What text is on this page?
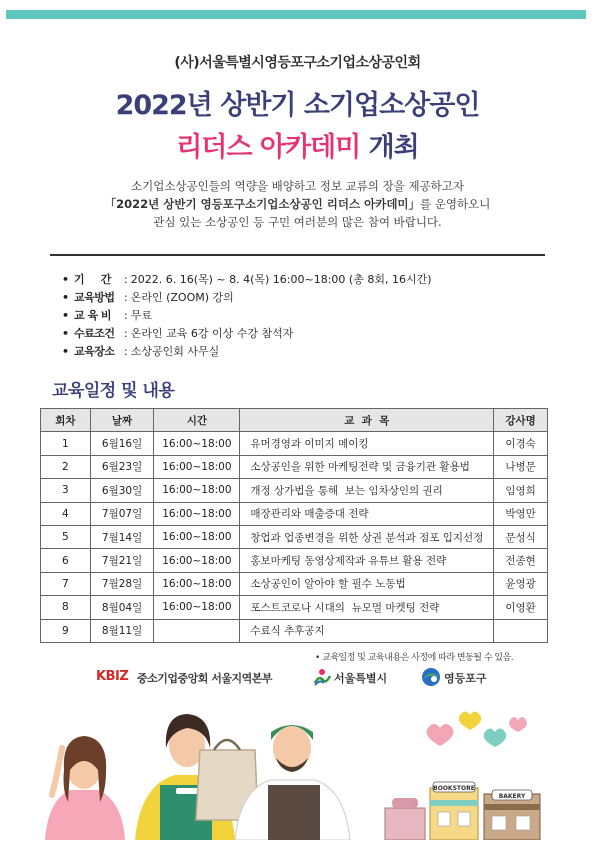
(사)서울특별시영등포구소기업소상공인회
2022년 상반기 소기업소상공인
리더스 아카데미 개최
소기업소상공인들의 역량을 배양하고 정보 교류의 장을 제공하고자
「2022년 상반기 영등포구소기업소상공인 리더스 아카데미」를 운영하오니
관심 있는 소상공인 등 구민 여러분의 많은 참여 바랍니다.
• 기     간 : 2022. 6. 16(목) ~ 8. 4(목) 16:00~18:00 (총 8회, 16시간)
• 교육방법 : 온라인 (ZOOM) 강의
• 교 육 비 : 무료
• 수료조건 : 온라인 교육 6강 이상 수강 참석자
• 교육장소 : 소상공인회 사무실
교육일정 및 내용
회차	날짜	시간	교  과  목	강사명
1	6월16일	16:00~18:00	유머경영과 이미지 메이킹	이경숙
2	6월23일	16:00~18:00	소상공인을 위한 마케팅전략 및 금융기관 활용법	나병문
3	6월30일	16:00~18:00	개정 상가법을 통해  보는 임차상인의 권리	임영희
4	7월07일	16:00~18:00	매장관리와 매출증대 전략	박영만
5	7월14일	16:00~18:00	창업과 업종변경을 위한 상권 분석과 점포 입지선정	문성식
6	7월21일	16:00~18:00	홍보마케팅 동영상제작과 유튜브 활용 전략	전종현
7	7월28일	16:00~18:00	소상공인이 알아야 할 필수 노동법	윤영광
8	8월04일	16:00~18:00	포스트코로나 시대의  뉴모멀 마켓팅 전략	이영환
9	8월11일		수료식 추후공지	
• 교육일정 및 교육내용은 사정에 따라 변동될 수 있음.
KBIZ 중소기업중앙회 서울지역본부	서울특별시	영등포구
BOOKSTORE
BAKERY
